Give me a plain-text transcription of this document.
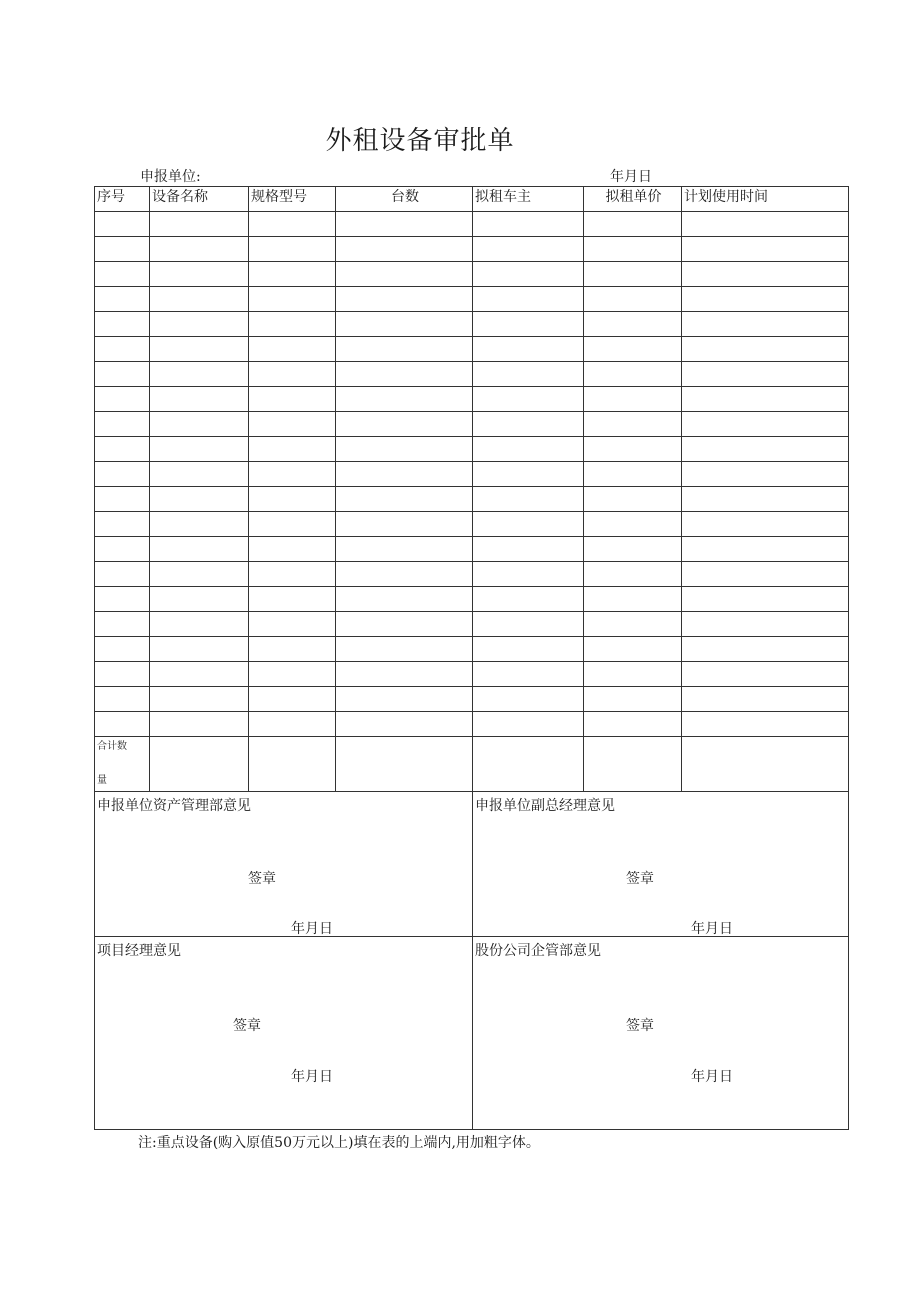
外租设备审批单
申报单位:	年月日
序号	设备名称	规格型号	台数	拟租车主	拟租单价	计划使用时间

合计数
量						

申报单位资产管理部意见
签章
年月日	申报单位副总经理意见
签章
年月日

项目经理意见
签章
年月日	股份公司企管部意见
签章
年月日
注:重点设备(购入原值50万元以上)填在表的上端内,用加粗字体。
